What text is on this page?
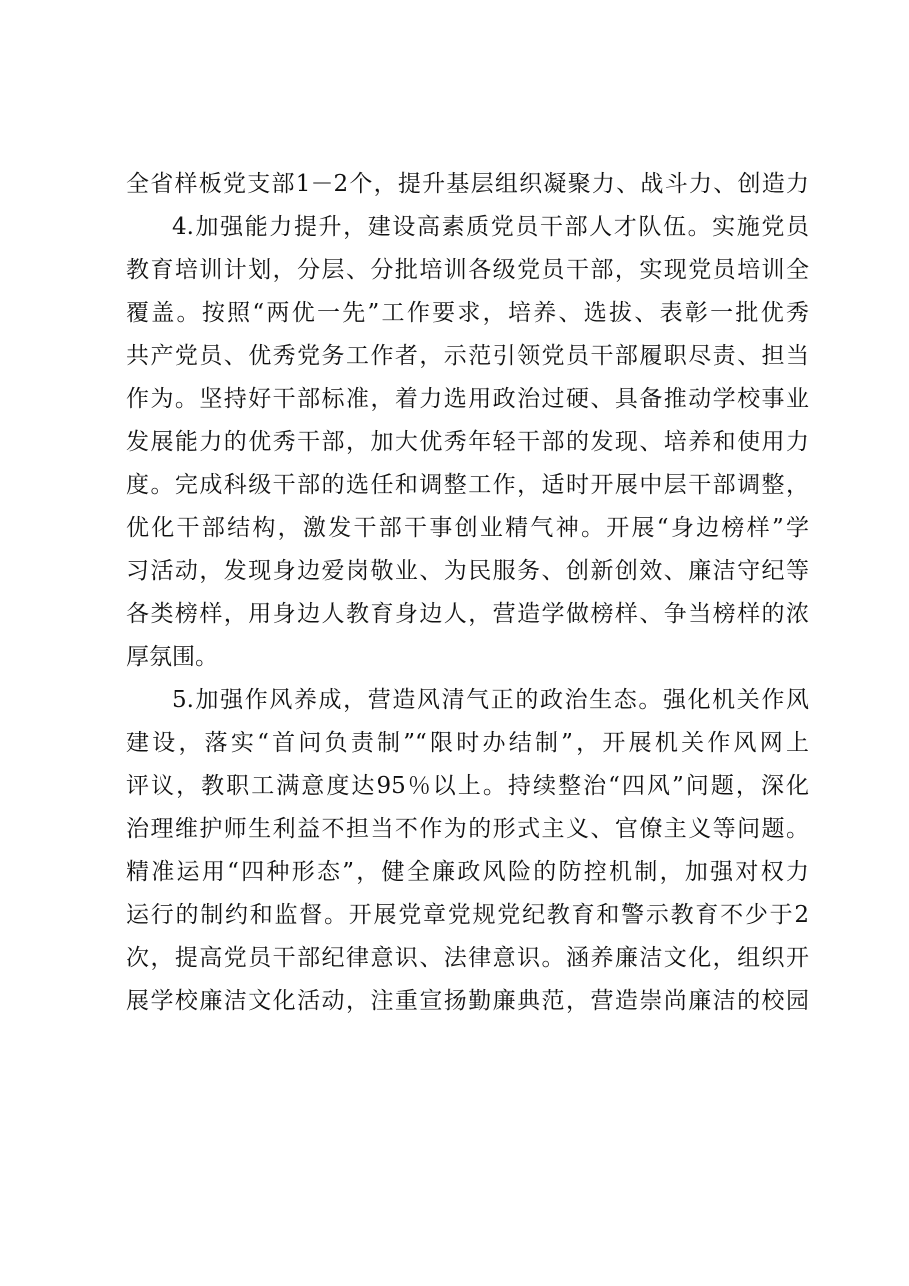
全省样板党支部1－2个，提升基层组织凝聚力、战斗力、创造力
4.加强能力提升，建设高素质党员干部人才队伍。实施党员
教育培训计划，分层、分批培训各级党员干部，实现党员培训全
覆盖。按照“两优一先”工作要求，培养、选拔、表彰一批优秀
共产党员、优秀党务工作者，示范引领党员干部履职尽责、担当
作为。坚持好干部标准，着力选用政治过硬、具备推动学校事业
发展能力的优秀干部，加大优秀年轻干部的发现、培养和使用力
度。完成科级干部的选任和调整工作，适时开展中层干部调整，
优化干部结构，激发干部干事创业精气神。开展“身边榜样”学
习活动，发现身边爱岗敬业、为民服务、创新创效、廉洁守纪等
各类榜样，用身边人教育身边人，营造学做榜样、争当榜样的浓
厚氛围。
5.加强作风养成，营造风清气正的政治生态。强化机关作风
建设，落实“首问负责制”“限时办结制”，开展机关作风网上
评议，教职工满意度达95％以上。持续整治“四风”问题，深化
治理维护师生利益不担当不作为的形式主义、官僚主义等问题。
精准运用“四种形态”，健全廉政风险的防控机制，加强对权力
运行的制约和监督。开展党章党规党纪教育和警示教育不少于2
次，提高党员干部纪律意识、法律意识。涵养廉洁文化，组织开
展学校廉洁文化活动，注重宣扬勤廉典范，营造崇尚廉洁的校园
